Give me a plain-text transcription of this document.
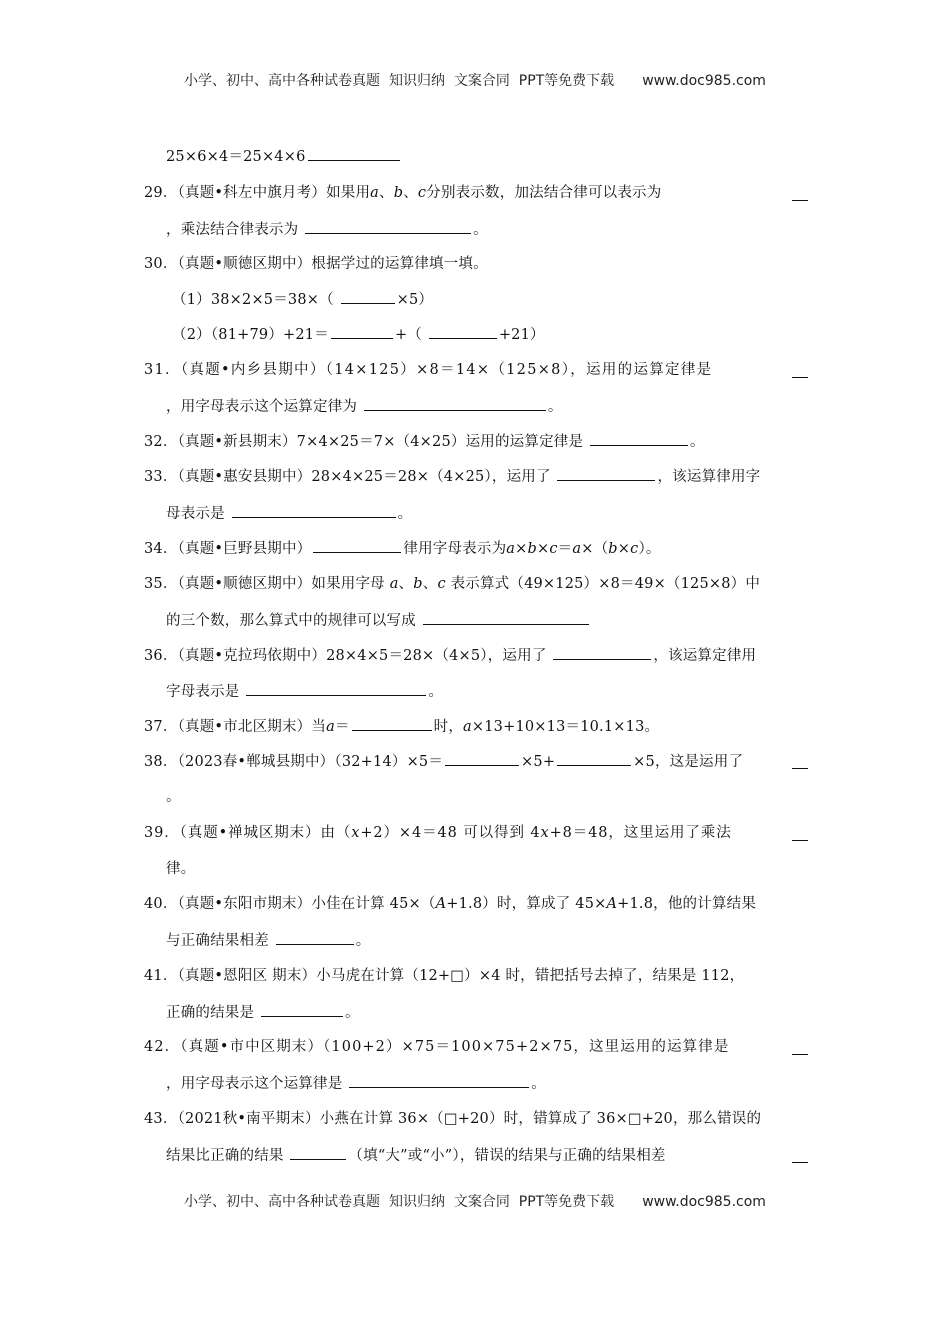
小学、初中、高中各种试卷真题  知识归纳  文案合同  PPT等免费下载 www.doc985.com
25×6×4＝25×4×6
29．（真题•科左中旗月考）如果用a、b、c分别表示数，加法结合律可以表示为
，乘法结合律表示为	。
30．（真题•顺德区期中）根据学过的运算律填一填。
（1）38×2×5＝38×（	×5）
（2）（81+79）+21＝	+（	+21）
31．（真题•内乡县期中）（14×125）×8＝14×（125×8），运用的运算定律是
，用字母表示这个运算定律为	。
32．（真题•新县期末）7×4×25＝7×（4×25）运用的运算定律是	。
33．（真题•惠安县期中）28×4×25＝28×（4×25），运用了	，该运算律用字
母表示是	。
34．（真题•巨野县期中）	律用字母表示为a×b×c＝a×（b×c）。
35．（真题•顺德区期中）如果用字母 a、b、c 表示算式（49×125）×8＝49×（125×8）中
的三个数，那么算式中的规律可以写成
36．（真题•克拉玛依期中）28×4×5＝28×（4×5），运用了	，该运算定律用
字母表示是	。
37．（真题•市北区期末）当a＝	时，a×13+10×13＝10.1×13。
38．（2023春•郸城县期中）（32+14）×5＝	×5+	×5，这是运用了
。
39．（真题•禅城区期末）由（x+2）×4＝48 可以得到 4x+8＝48，这里运用了乘法
律。
40．（真题•东阳市期末）小佳在计算 45×（A+1.8）时，算成了 45×A+1.8，他的计算结果
与正确结果相差	。
41．（真题•恩阳区 期末）小马虎在计算（12+□）×4 时，错把括号去掉了，结果是 112，
正确的结果是	。
42．（真题•市中区期末）（100+2）×75＝100×75+2×75，这里运用的运算律是
，用字母表示这个运算律是	。
43．（2021秋•南平期末）小燕在计算 36×（□+20）时，错算成了 36×□+20，那么错误的
结果比正确的结果	（填“大”或“小”），错误的结果与正确的结果相差
小学、初中、高中各种试卷真题  知识归纳  文案合同  PPT等免费下载 www.doc985.com
